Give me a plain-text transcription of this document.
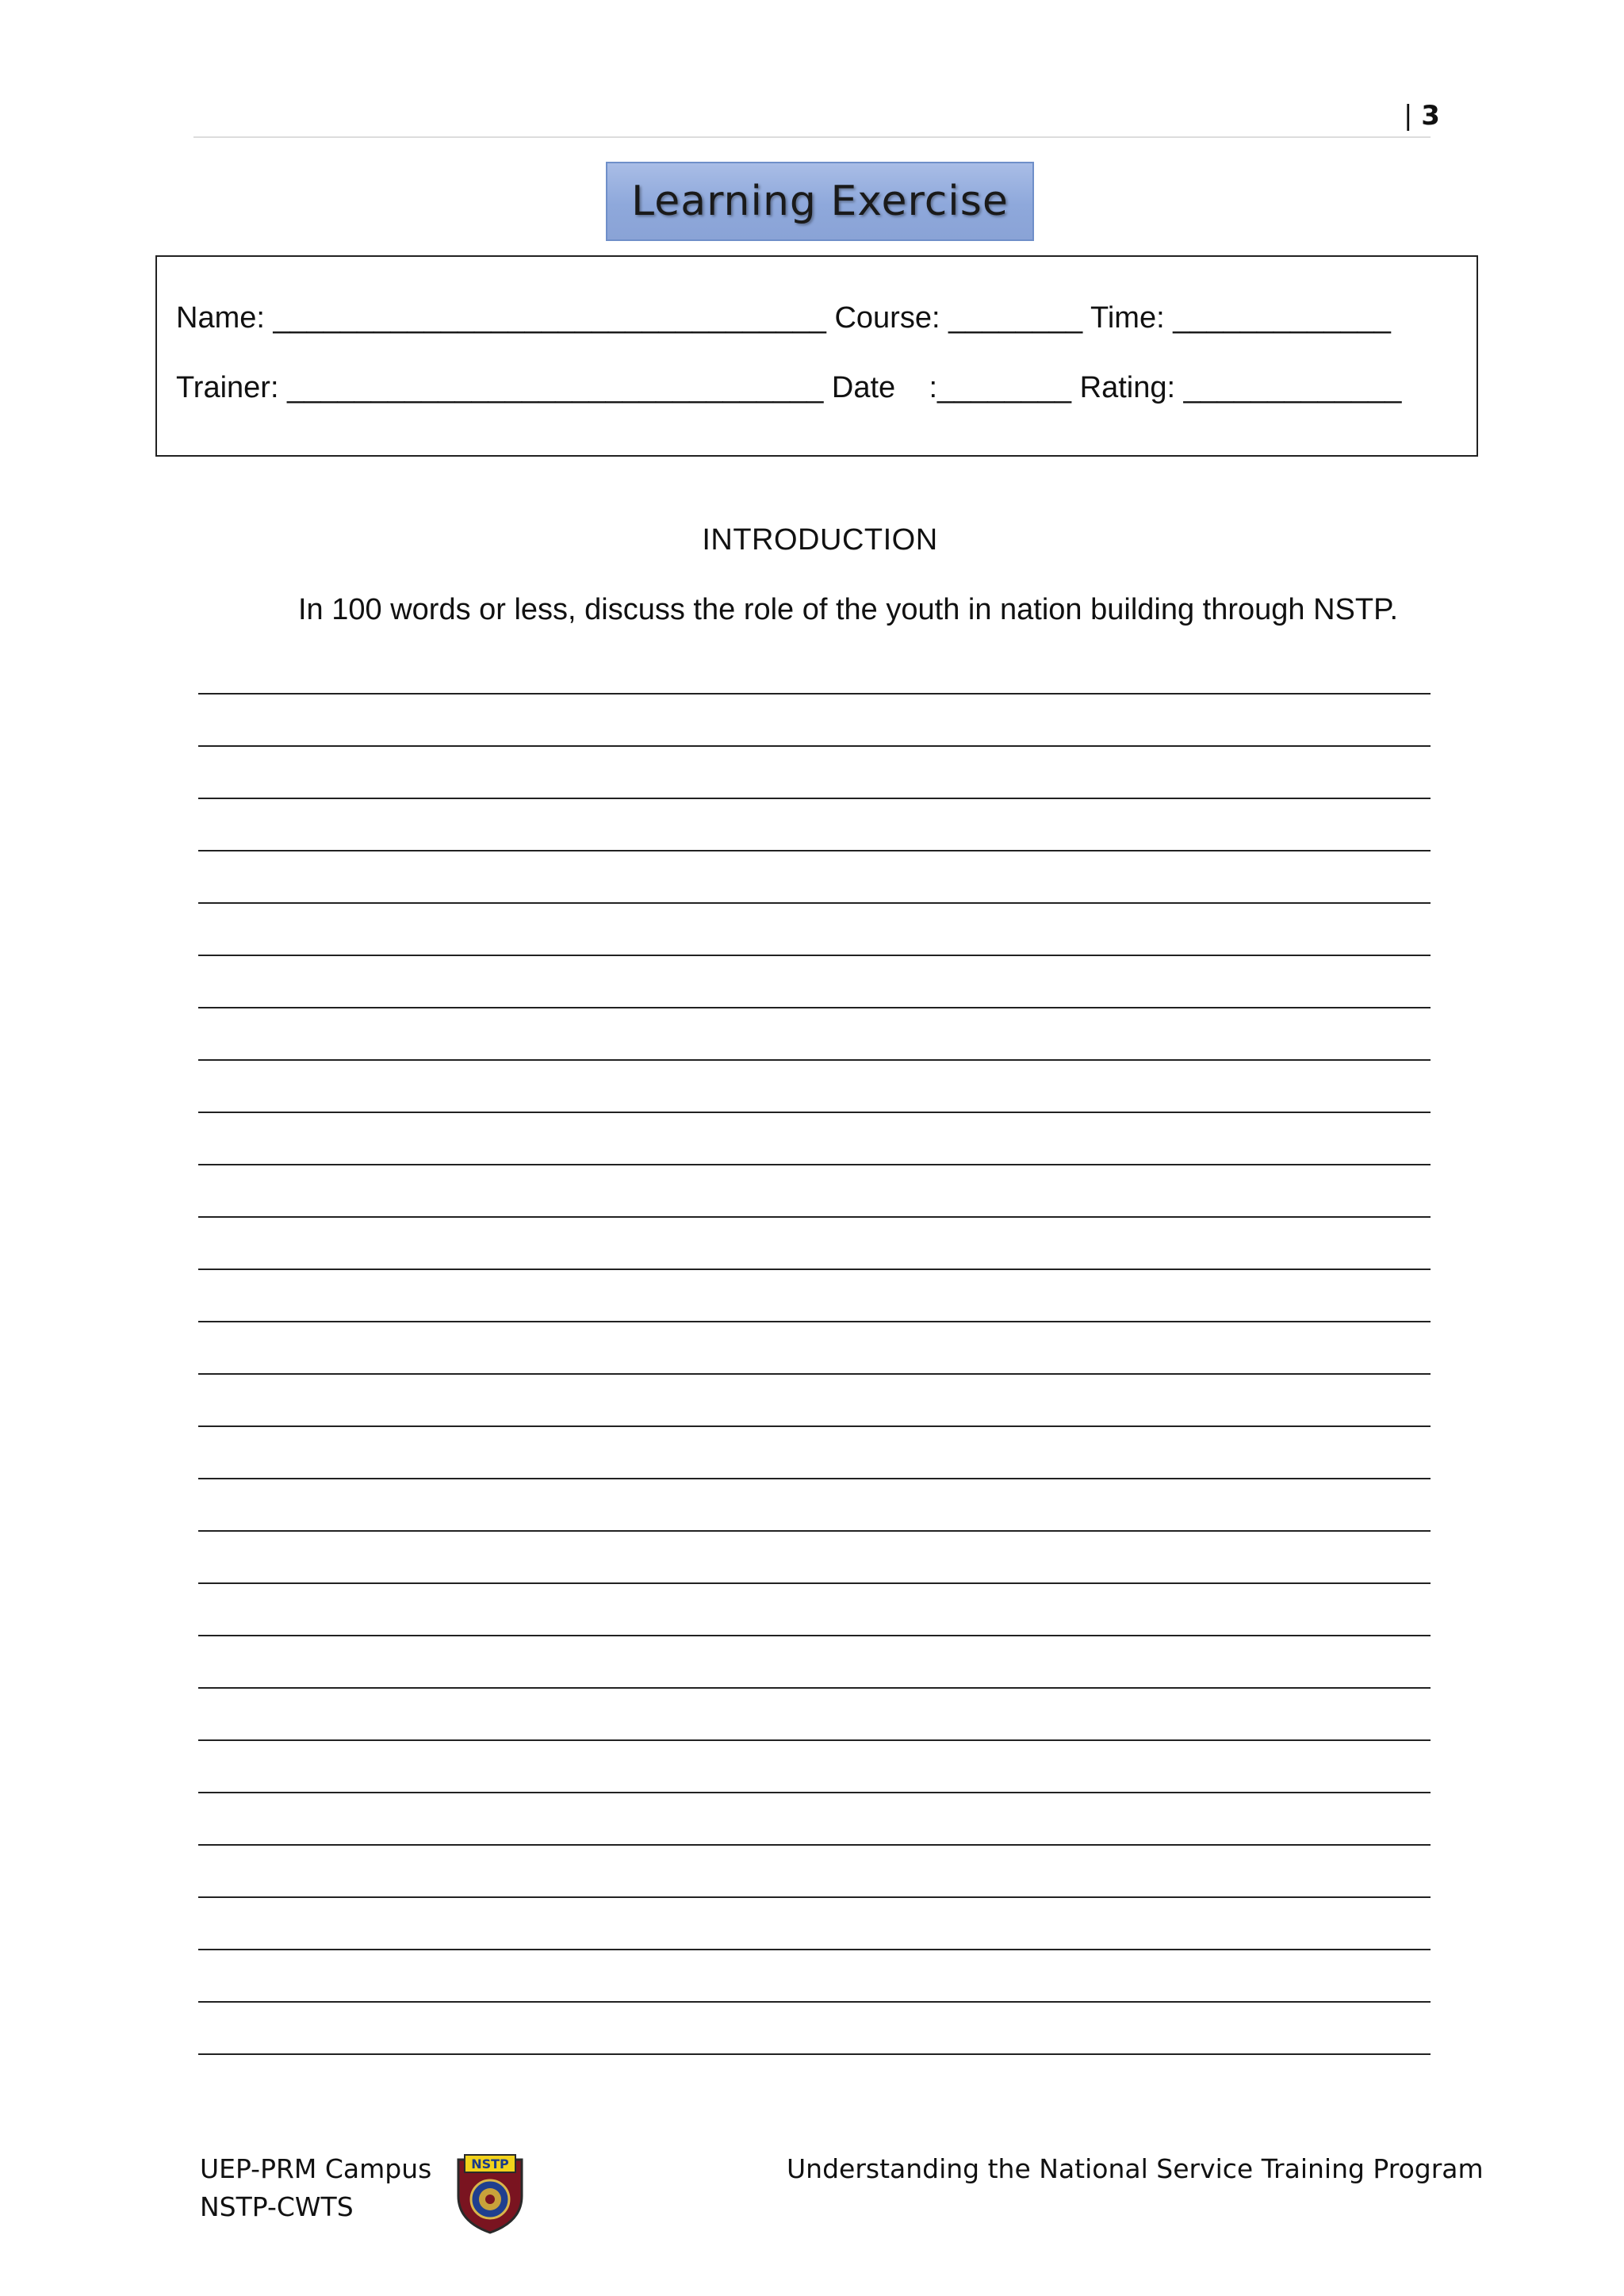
| 3
Learning Exercise
Name: _________________________________ Course: ________ Time: _____________
Trainer: ________________________________ Date :________ Rating: _____________
INTRODUCTION
In 100 words or less, discuss the role of the youth in nation building through NSTP.
UEP-PRM Campus
NSTP-CWTS
NSTP	Understanding the National Service Training Program
